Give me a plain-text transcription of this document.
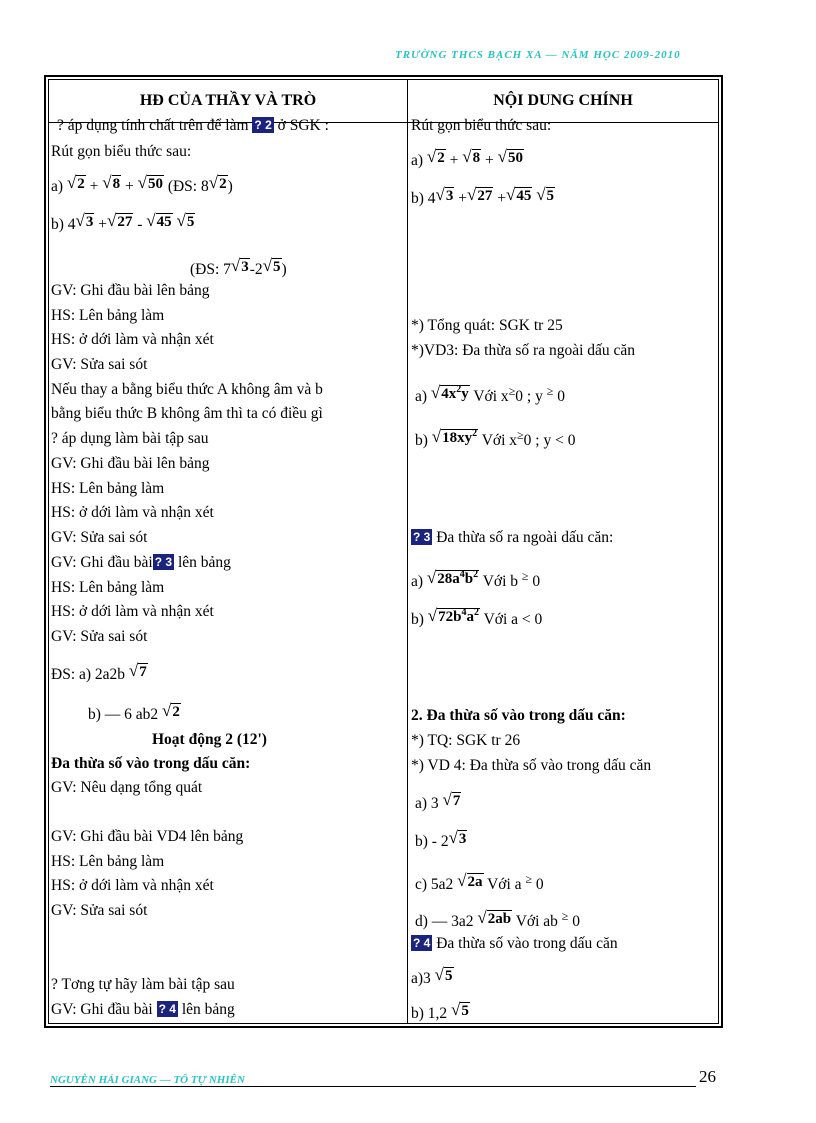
TRƯỜNG THCS BẠCH XA — NĂM HỌC 2009-2010
HĐ CỦA THẦY VÀ TRÒ	NỘI DUNG CHÍNH
? áp dụng tính chất trên để làm ? 2 ở SGK :
Rút gọn biểu thức sau:
a) √2 + √8 + √50 (ĐS: 8√2)
b) 4√3 +√27 - √45 √5
(ĐS: 7√3-2√5)
GV: Ghi đầu bài lên bảng
HS: Lên bảng làm
HS: ở dới làm và nhận xét
GV: Sửa sai sót
Nếu thay a bằng biểu thức A không âm và b
bằng biểu thức B không âm thì ta có điều gì
? áp dụng làm bài tập sau
GV: Ghi đầu bài lên bảng
HS: Lên bảng làm
HS: ở dới làm và nhận xét
GV: Sửa sai sót
GV: Ghi đầu bài ? 3 lên bảng
HS: Lên bảng làm
HS: ở dới làm và nhận xét
GV: Sửa sai sót
ĐS: a) 2a2b √7
b) — 6 ab2 √2
Hoạt động 2 (12')
Đa thừa số vào trong dấu căn:
GV: Nêu dạng tổng quát
GV: Ghi đầu bài VD4 lên bảng
HS: Lên bảng làm
HS: ở dới làm và nhận xét
GV: Sửa sai sót
? Tơng tự hãy làm bài tập sau
GV: Ghi đầu bài ? 4 lên bảng
Rút gọn biểu thức sau:
a) √2 + √8 + √50
b) 4√3 +√27 +√45 √5
*) Tổng quát: SGK tr 25
*)VD3: Đa thừa số ra ngoài dấu căn
a) $√4x^2y$ Với x≥0 ; y ≥ 0
b) $√18xy^2$ Với x≥0 ; y < 0
? 3 Đa thừa số ra ngoài dấu căn:
a) $√28a^4b^2$ Với b ≥ 0
b) $√72b^4a^2$ Với a < 0
2. Đa thừa số vào trong dấu căn:
*) TQ: SGK tr 26
*) VD 4: Đa thừa số vào trong dấu căn
a) 3 √7
b) - 2√3
c) 5a2 √2a Với a ≥ 0
d) — 3a2 √2ab Với ab ≥ 0
? 4 Đa thừa số vào trong dấu căn
a)3 √5
b) 1,2 √5
NGUYỄN HẢI GIANG — TỔ TỰ NHIÊN	26
